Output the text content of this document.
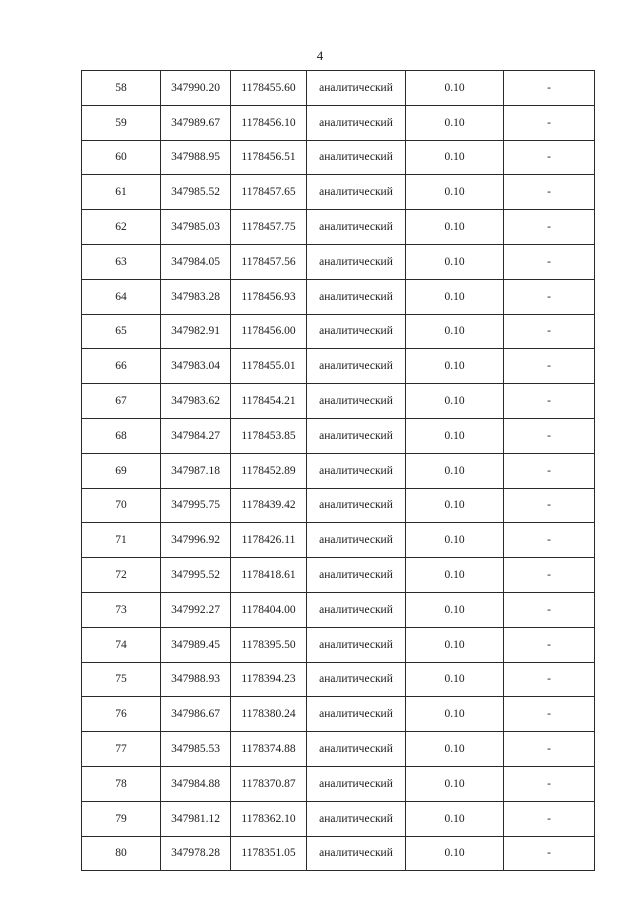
4
58	347990.20	1178455.60	аналитический	0.10	-
59	347989.67	1178456.10	аналитический	0.10	-
60	347988.95	1178456.51	аналитический	0.10	-
61	347985.52	1178457.65	аналитический	0.10	-
62	347985.03	1178457.75	аналитический	0.10	-
63	347984.05	1178457.56	аналитический	0.10	-
64	347983.28	1178456.93	аналитический	0.10	-
65	347982.91	1178456.00	аналитический	0.10	-
66	347983.04	1178455.01	аналитический	0.10	-
67	347983.62	1178454.21	аналитический	0.10	-
68	347984.27	1178453.85	аналитический	0.10	-
69	347987.18	1178452.89	аналитический	0.10	-
70	347995.75	1178439.42	аналитический	0.10	-
71	347996.92	1178426.11	аналитический	0.10	-
72	347995.52	1178418.61	аналитический	0.10	-
73	347992.27	1178404.00	аналитический	0.10	-
74	347989.45	1178395.50	аналитический	0.10	-
75	347988.93	1178394.23	аналитический	0.10	-
76	347986.67	1178380.24	аналитический	0.10	-
77	347985.53	1178374.88	аналитический	0.10	-
78	347984.88	1178370.87	аналитический	0.10	-
79	347981.12	1178362.10	аналитический	0.10	-
80	347978.28	1178351.05	аналитический	0.10	-
